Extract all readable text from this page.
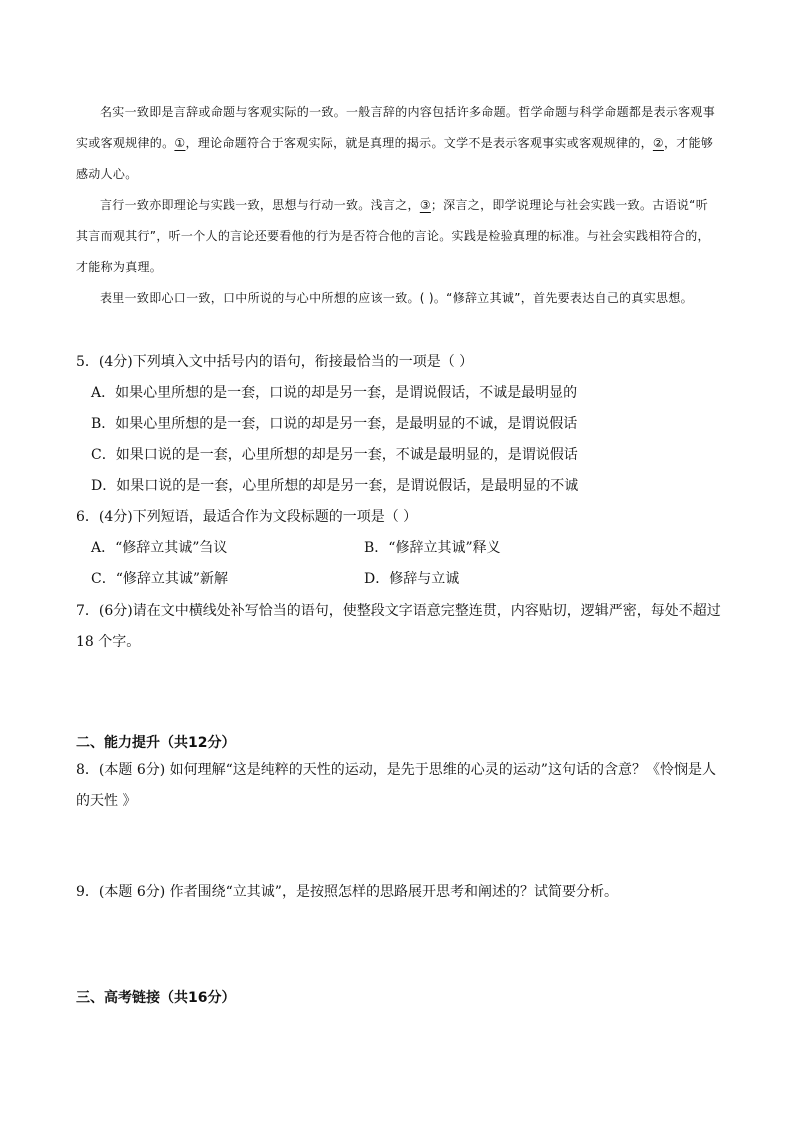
名实一致即是言辞或命题与客观实际的一致。一般言辞的内容包括许多命题。哲学命题与科学命题都是表示客观事实或客观规律的。①，理论命题符合于客观实际，就是真理的揭示。文学不是表示客观事实或客观规律的，②，才能够感动人心。

言行一致亦即理论与实践一致，思想与行动一致。浅言之，③；深言之，即学说理论与社会实践一致。古语说“听其言而观其行”，听一个人的言论还要看他的行为是否符合他的言论。实践是检验真理的标准。与社会实践相符合的，才能称为真理。

表里一致即心口一致，口中所说的与心中所想的应该一致。( )。“修辞立其诚”，首先要表达自己的真实思想。

5．(4分)下列填入文中括号内的语句，衔接最恰当的一项是（ ）

A．如果心里所想的是一套，口说的却是另一套，是谓说假话，不诚是最明显的

B．如果心里所想的是一套，口说的却是另一套，是最明显的不诚，是谓说假话

C．如果口说的是一套，心里所想的却是另一套，不诚是最明显的，是谓说假话

D．如果口说的是一套，心里所想的却是另一套，是谓说假话，是最明显的不诚

6．(4分)下列短语，最适合作为文段标题的一项是（ ）

A．“修辞立其诚”刍议	B．“修辞立其诚”释义

C．“修辞立其诚”新解	D．修辞与立诚

7．(6分)请在文中横线处补写恰当的语句，使整段文字语意完整连贯，内容贴切，逻辑严密，每处不超过 18 个字。

二、能力提升（共12分）

8．(本题 6分) 如何理解“这是纯粹的天性的运动，是先于思维的心灵的运动”这句话的含意？《怜悯是人的天性 》

9．(本题 6分) 作者围绕“立其诚”，是按照怎样的思路展开思考和阐述的？试简要分析。

三、高考链接（共16分）
